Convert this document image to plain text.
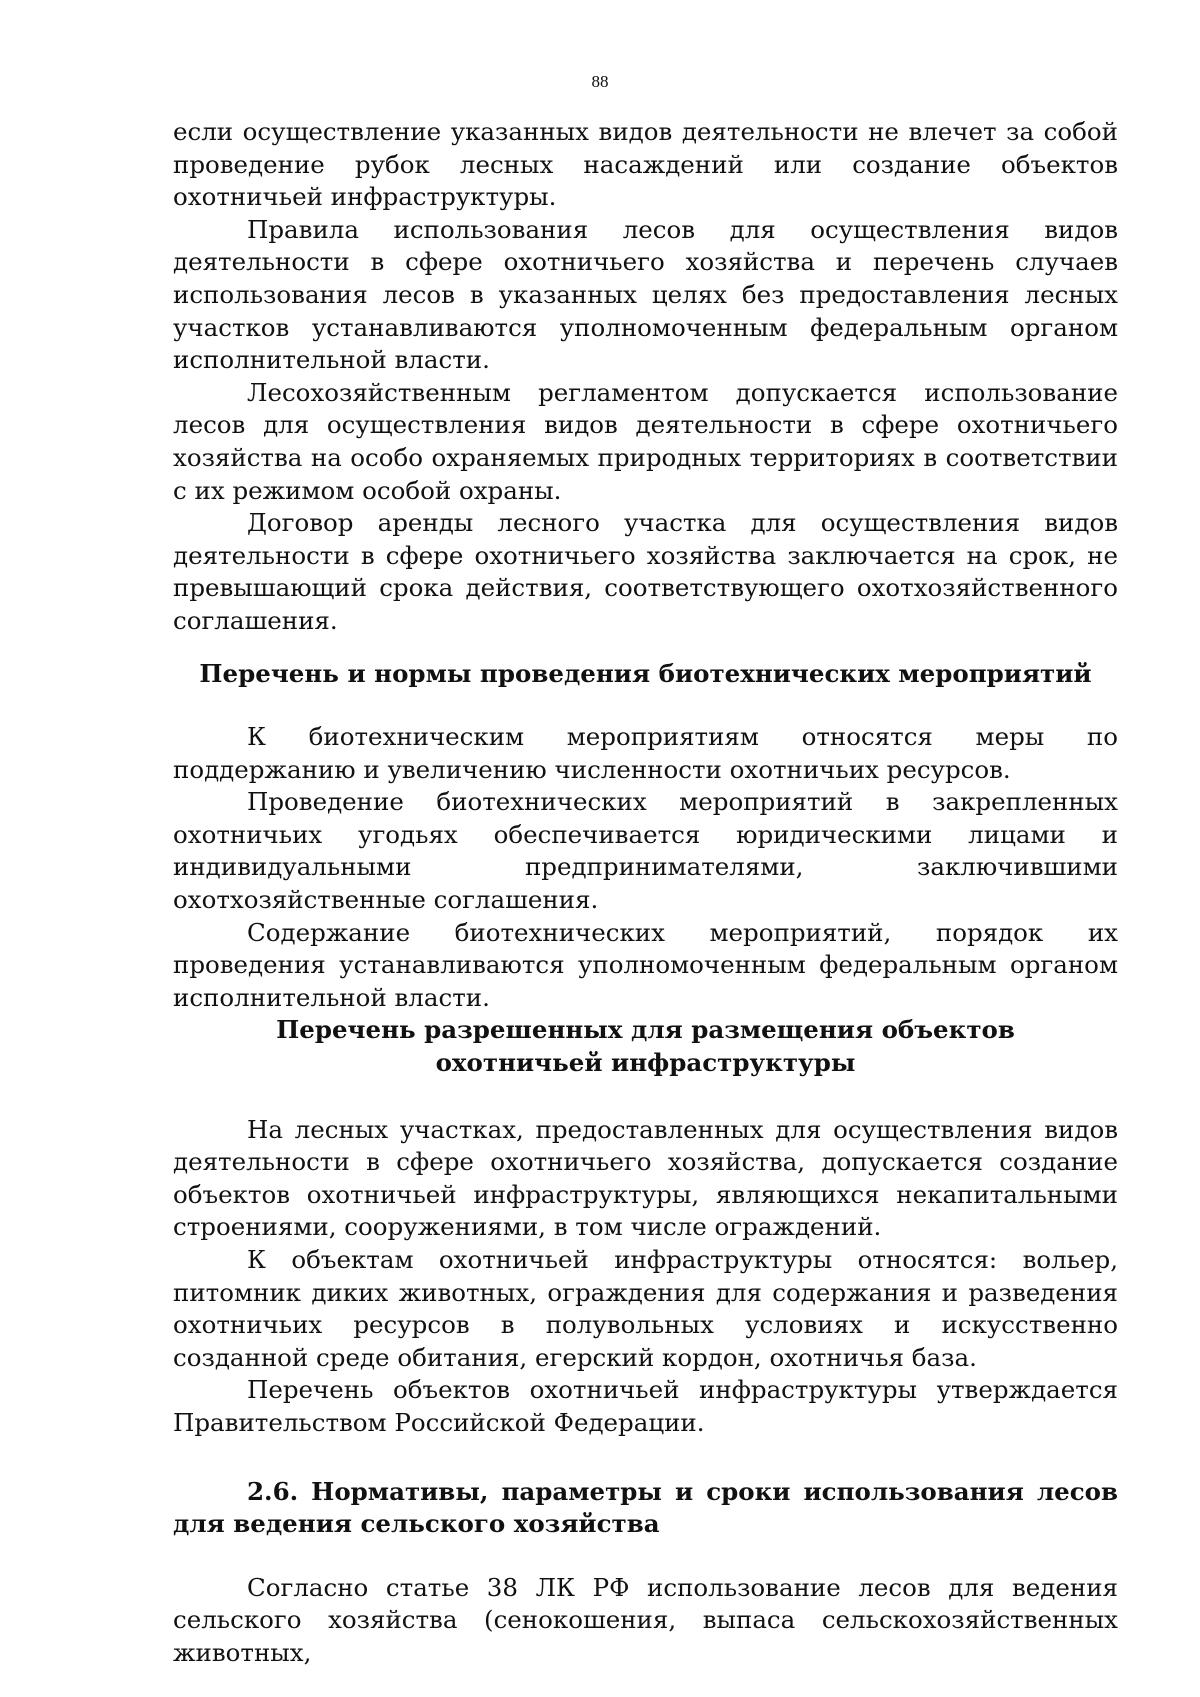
88

если осуществление указанных видов деятельности не влечет за собой проведение рубок лесных насаждений или создание объектов охотничьей инфраструктуры.

Правила использования лесов для осуществления видов деятельности в сфере охотничьего хозяйства и перечень случаев использования лесов в указанных целях без предоставления лесных участков устанавливаются уполномоченным федеральным органом исполнительной власти.

Лесохозяйственным регламентом допускается использование лесов для осуществления видов деятельности в сфере охотничьего хозяйства на особо охраняемых природных территориях в соответствии с их режимом особой охраны.

Договор аренды лесного участка для осуществления видов деятельности в сфере охотничьего хозяйства заключается на срок, не превышающий срока действия, соответствующего охотхозяйственного соглашения.

Перечень и нормы проведения биотехнических мероприятий

К биотехническим мероприятиям относятся меры по поддержанию и увеличению численности охотничьих ресурсов.

Проведение биотехнических мероприятий в закрепленных охотничьих угодьях обеспечивается юридическими лицами и индивидуальными предпринимателями, заключившими охотхозяйственные соглашения.

Содержание биотехнических мероприятий, порядок их проведения устанавливаются уполномоченным федеральным органом исполнительной власти.

Перечень разрешенных для размещения объектов
охотничьей инфраструктуры

На лесных участках, предоставленных для осуществления видов деятельности в сфере охотничьего хозяйства, допускается создание объектов охотничьей инфраструктуры, являющихся некапитальными строениями, сооружениями, в том числе ограждений.

К объектам охотничьей инфраструктуры относятся: вольер, питомник диких животных, ограждения для содержания и разведения охотничьих ресурсов в полувольных условиях и искусственно созданной среде обитания, егерский кордон, охотничья база.

Перечень объектов охотничьей инфраструктуры утверждается Правительством Российской Федерации.

2.6. Нормативы, параметры и сроки использования лесов для ведения сельского хозяйства

Согласно статье 38 ЛК РФ использование лесов для ведения сельского хозяйства (сенокошения, выпаса сельскохозяйственных животных,
